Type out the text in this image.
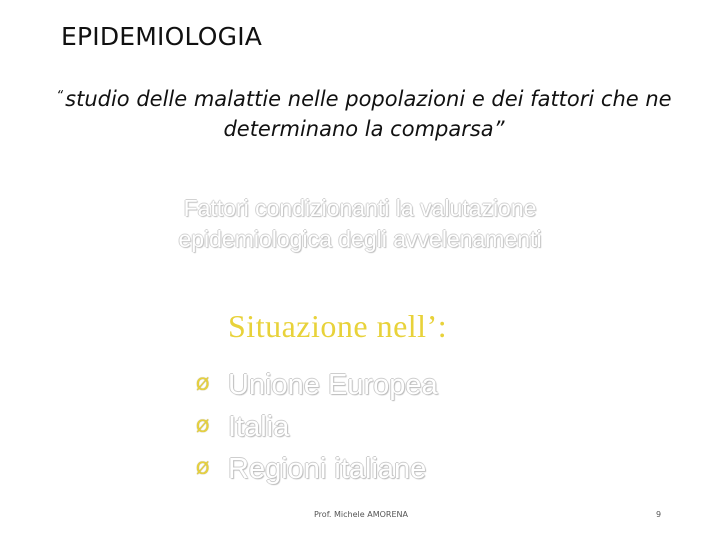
EPIDEMIOLOGIA
“studio delle malattie nelle popolazioni e dei fattori che ne
determinano la comparsa”
Fattori condizionanti la valutazione
epidemiologica degli avvelenamenti
Situazione nell’:
Ø Unione Europea
Ø Italia
Ø Regioni italiane
Prof. Michele AMORENA	9
